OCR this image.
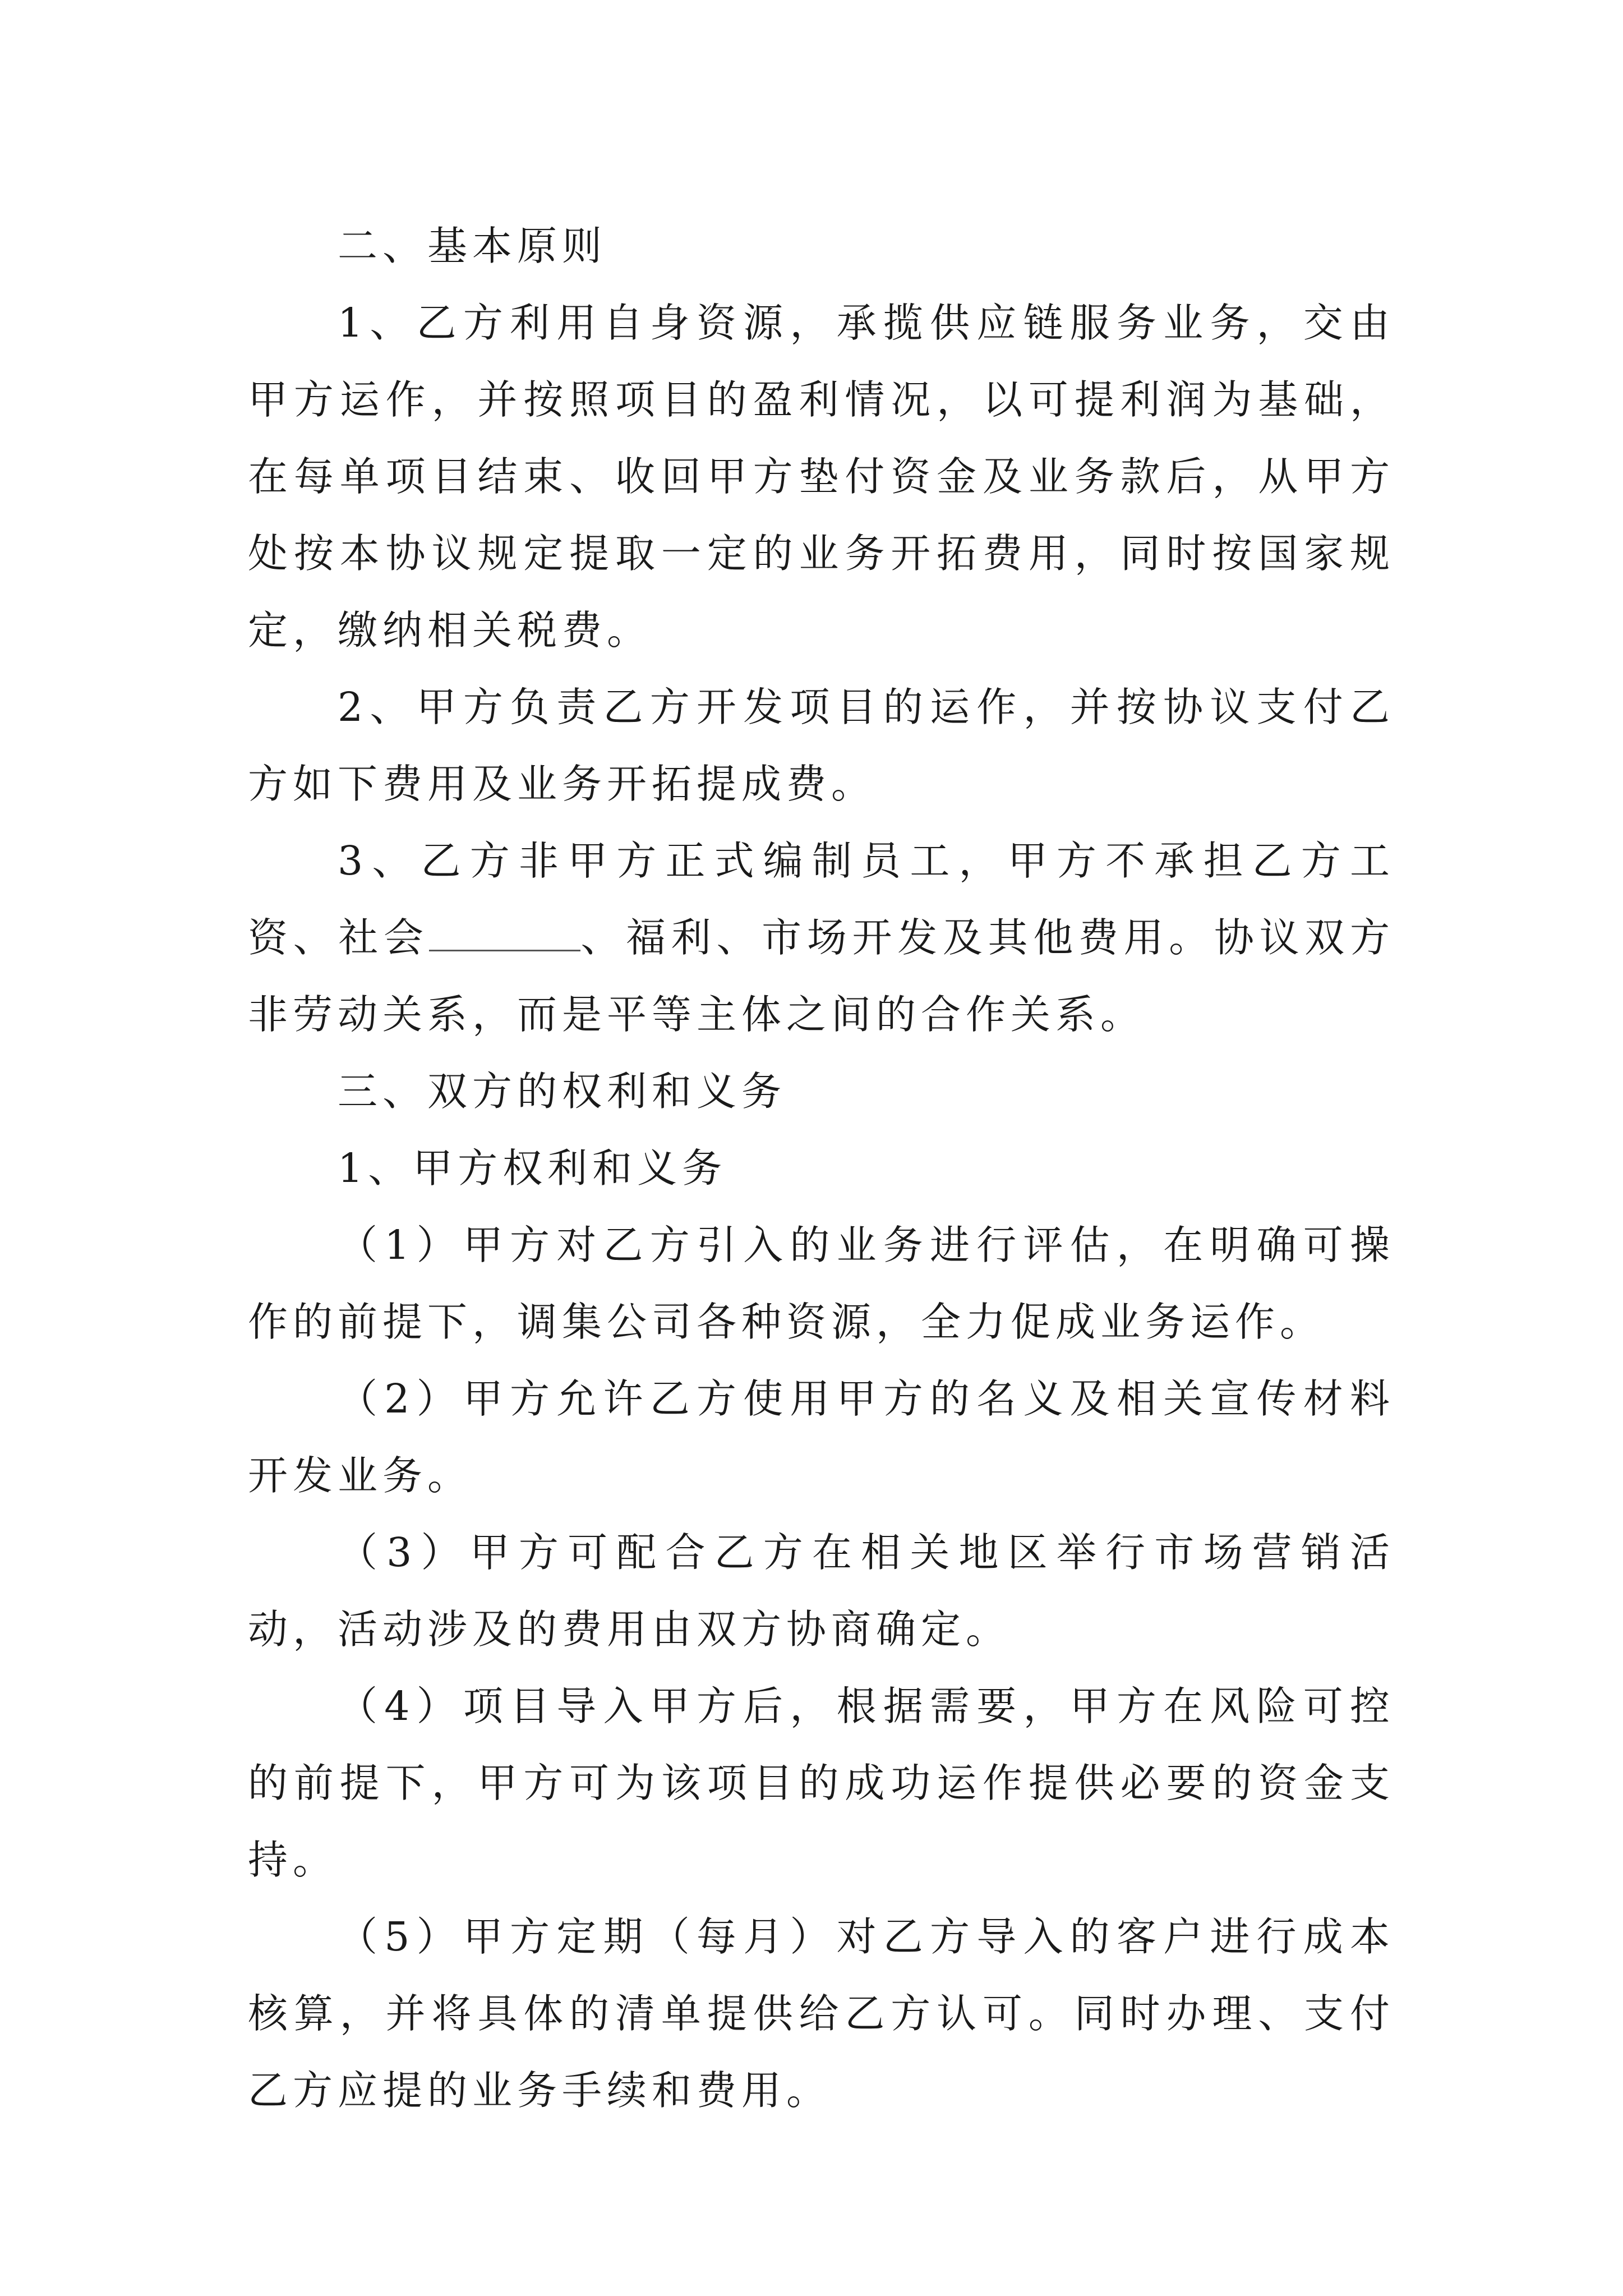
二、基本原则

1、乙方利用自身资源，承揽供应链服务业务，交由甲方运作，并按照项目的盈利情况，以可提利润为基础，在每单项目结束、收回甲方垫付资金及业务款后，从甲方处按本协议规定提取一定的业务开拓费用，同时按国家规定，缴纳相关税费。

2、甲方负责乙方开发项目的运作，并按协议支付乙方如下费用及业务开拓提成费。

3、乙方非甲方正式编制员工，甲方不承担乙方工资、社会	、福利、市场开发及其他费用。协议双方非劳动关系，而是平等主体之间的合作关系。

三、双方的权利和义务

1、甲方权利和义务

（1）甲方对乙方引入的业务进行评估，在明确可操作的前提下，调集公司各种资源，全力促成业务运作。

（2）甲方允许乙方使用甲方的名义及相关宣传材料开发业务。

（3）甲方可配合乙方在相关地区举行市场营销活动，活动涉及的费用由双方协商确定。

（4）项目导入甲方后，根据需要，甲方在风险可控的前提下，甲方可为该项目的成功运作提供必要的资金支持。

（5）甲方定期（每月）对乙方导入的客户进行成本核算，并将具体的清单提供给乙方认可。同时办理、支付乙方应提的业务手续和费用。
